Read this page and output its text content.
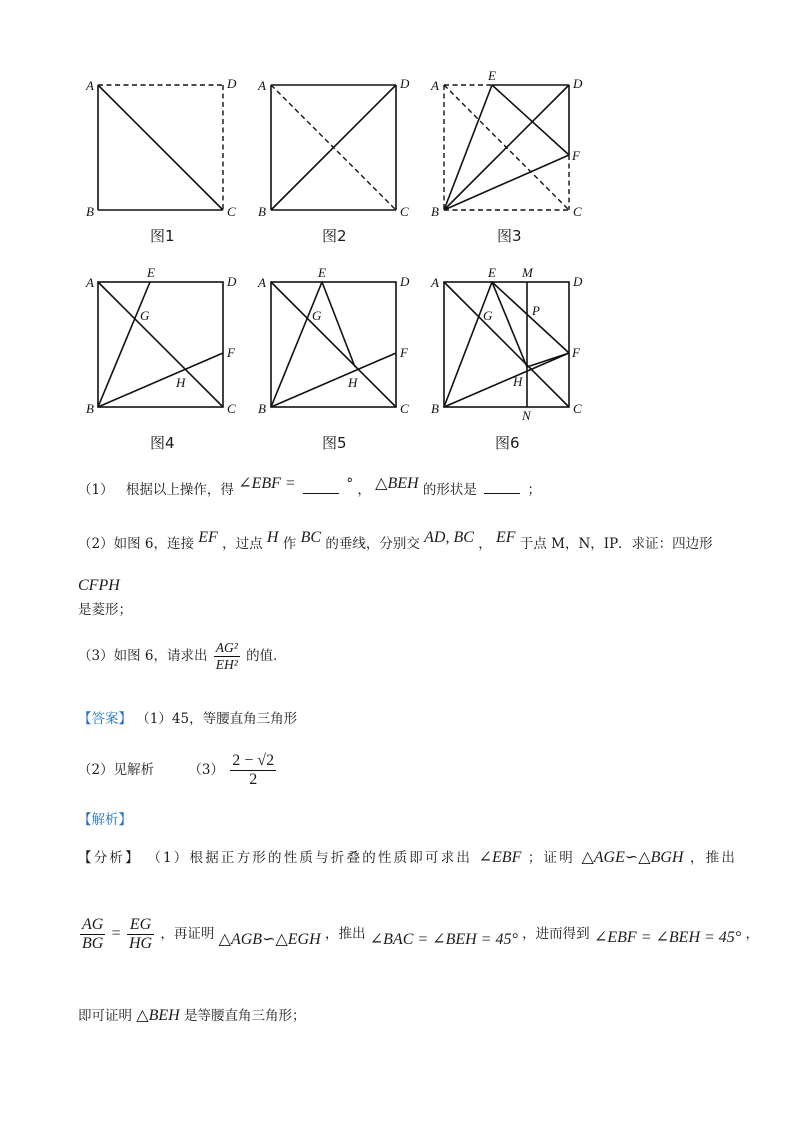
A	D
B	C
图1
A	D
B	C
图2
A
E
D
F
B	C
图3
A
E
D
G
F
H
B	C
图4
A
E
D
G
F
H
B	C
图5
A
E M
D
G	P
F
H
B	N	C
图6
（1） 根据以上操作，得 ∠EBF =	° ， △BEH 的形状是	；
（2）如图 6，连接 EF ，过点 H 作 BC 的垂线，分别交 AD, BC ， EF 于点 M，N，IP．求证：四边形
CFPH
是菱形；
（3）如图 6，请求出 $\frac{\text{AG²}}{\text{EH²}}$ 的值．
【答案】 （1）45，等腰直角三角形
（2）见解析	$(3) \frac{2 - √2}{2}$
【解析】
【分析】 （1）根据正方形的性质与折叠的性质即可求出 ∠EBF ；证明 △AGE∽△BGH ，推出
$\frac{AG}{BG} = \frac{EG}{HG}$ ，再证明 △AGB∽△EGH ，推出 ∠BAC = ∠BEH = 45° ，进而得到 ∠EBF = ∠BEH = 45° ，
即可证明 △BEH 是等腰直角三角形；
